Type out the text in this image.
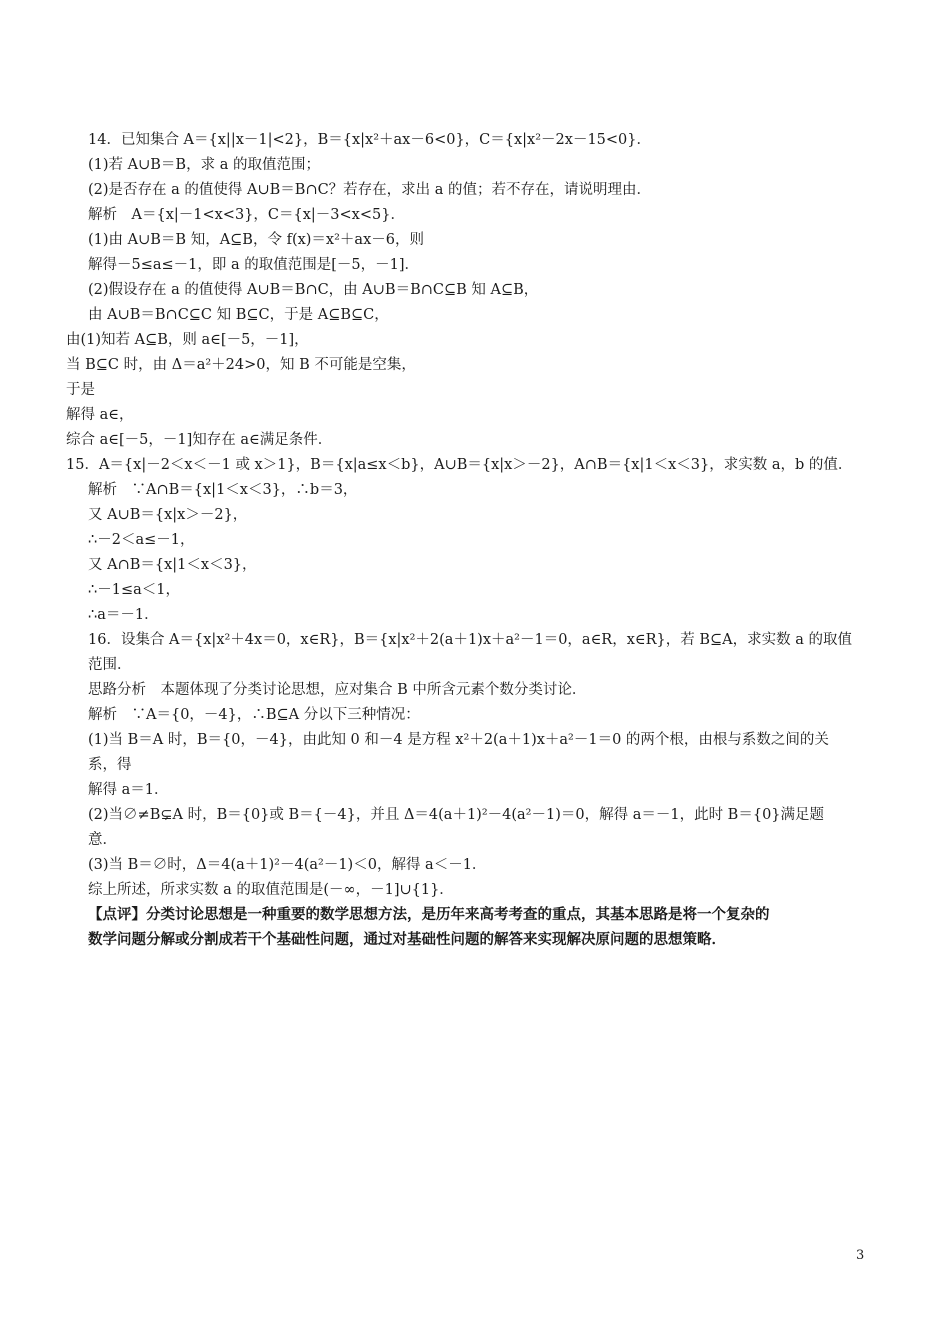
14．已知集合 A＝{x||x－1|<2}，B＝{x|x²＋ax－6<0}，C＝{x|x²－2x－15<0}．
(1)若 A∪B＝B，求 a 的取值范围；
(2)是否存在 a 的值使得 A∪B＝B∩C？若存在，求出 a 的值；若不存在，请说明理由．
解析　A＝{x|－1<x<3}，C＝{x|－3<x<5}．
(1)由 A∪B＝B 知，A⊆B，令 f(x)＝x²＋ax－6，则
解得－5≤a≤－1，即 a 的取值范围是[－5，－1]．
(2)假设存在 a 的值使得 A∪B＝B∩C，由 A∪B＝B∩C⊆B 知 A⊆B，
由 A∪B＝B∩C⊆C 知 B⊆C，于是 A⊆B⊆C，
由(1)知若 A⊆B，则 a∈[－5，－1]，
当 B⊆C 时，由 Δ＝a²＋24>0，知 B 不可能是空集，
于是
解得 a∈，
综合 a∈[－5，－1]知存在 a∈满足条件．
15．A＝{x|－2＜x＜－1 或 x＞1}，B＝{x|a≤x＜b}，A∪B＝{x|x＞－2}，A∩B＝{x|1＜x＜3}，求实数 a，b 的值．
解析　∵A∩B＝{x|1＜x＜3}，∴b＝3，
又 A∪B＝{x|x＞－2}，
∴－2＜a≤－1，
又 A∩B＝{x|1＜x＜3}，
∴－1≤a＜1，
∴a＝－1．
16．设集合 A＝{x|x²＋4x＝0，x∈R}，B＝{x|x²＋2(a＋1)x＋a²－1＝0，a∈R，x∈R}，若 B⊆A，求实数 a 的取值
范围．
思路分析　本题体现了分类讨论思想，应对集合 B 中所含元素个数分类讨论．
解析　∵A＝{0，－4}，∴B⊆A 分以下三种情况：
(1)当 B＝A 时，B＝{0，－4}，由此知 0 和－4 是方程 x²＋2(a＋1)x＋a²－1＝0 的两个根，由根与系数之间的关
系，得
解得 a＝1．
(2)当∅≠B⊊A 时，B＝{0}或 B＝{－4}，并且 Δ＝4(a＋1)²－4(a²－1)＝0，解得 a＝－1，此时 B＝{0}满足题
意．
(3)当 B＝∅时，Δ＝4(a＋1)²－4(a²－1)＜0，解得 a＜－1．
综上所述，所求实数 a 的取值范围是(－∞，－1]∪{1}．
【点评】分类讨论思想是一种重要的数学思想方法，是历年来高考考查的重点，其基本思路是将一个复杂的
数学问题分解或分割成若干个基础性问题，通过对基础性问题的解答来实现解决原问题的思想策略．
3
